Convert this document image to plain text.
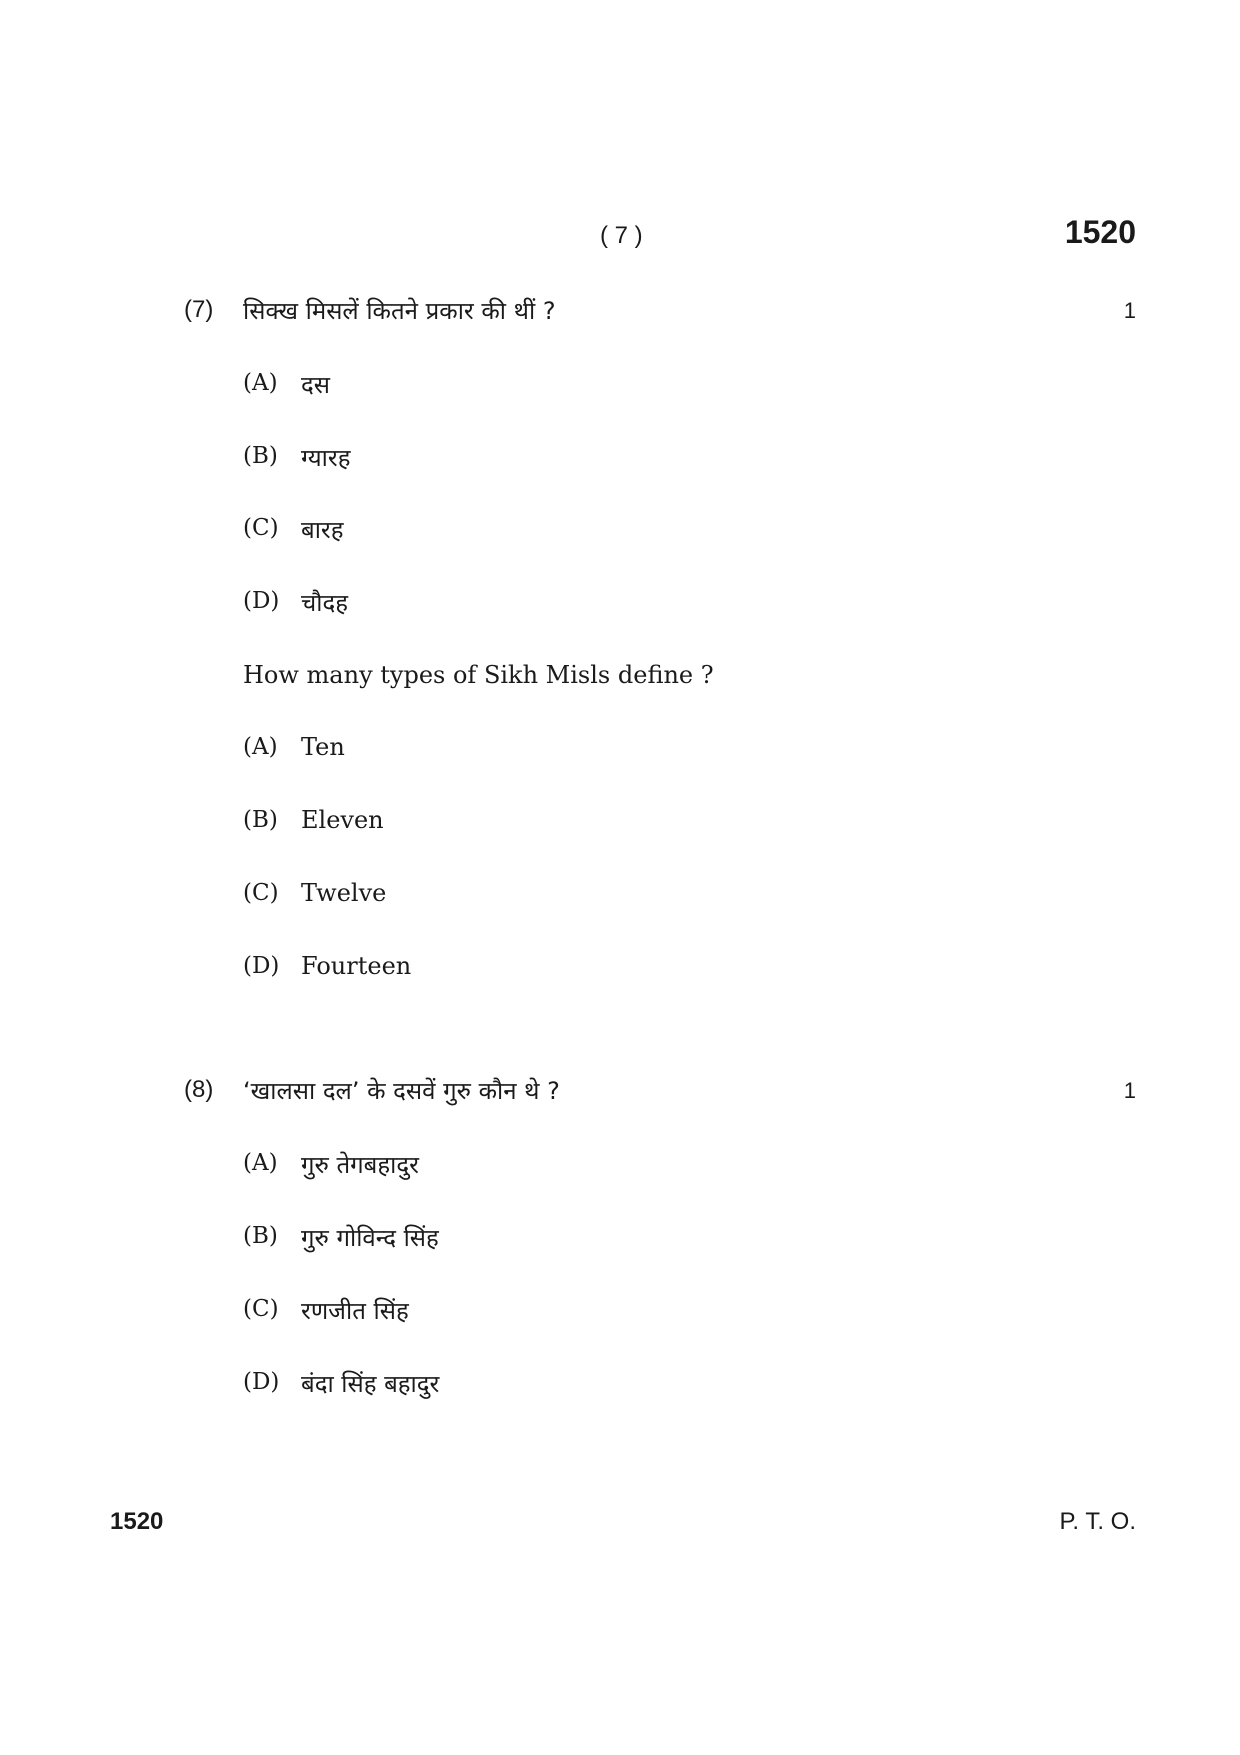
( 7 )	1520
(7) सिक्ख मिसलें कितने प्रकार की थीं ?	1
(A) दस
(B) ग्यारह
(C) बारह
(D) चौदह
How many types of Sikh Misls define ?
(A) Ten
(B) Eleven
(C) Twelve
(D) Fourteen
(8) ‘खालसा दल’ के दसवें गुरु कौन थे ?	1
(A) गुरु तेगबहादुर
(B) गुरु गोविन्द सिंह
(C) रणजीत सिंह
(D) बंदा सिंह बहादुर
1520	P. T. O.
